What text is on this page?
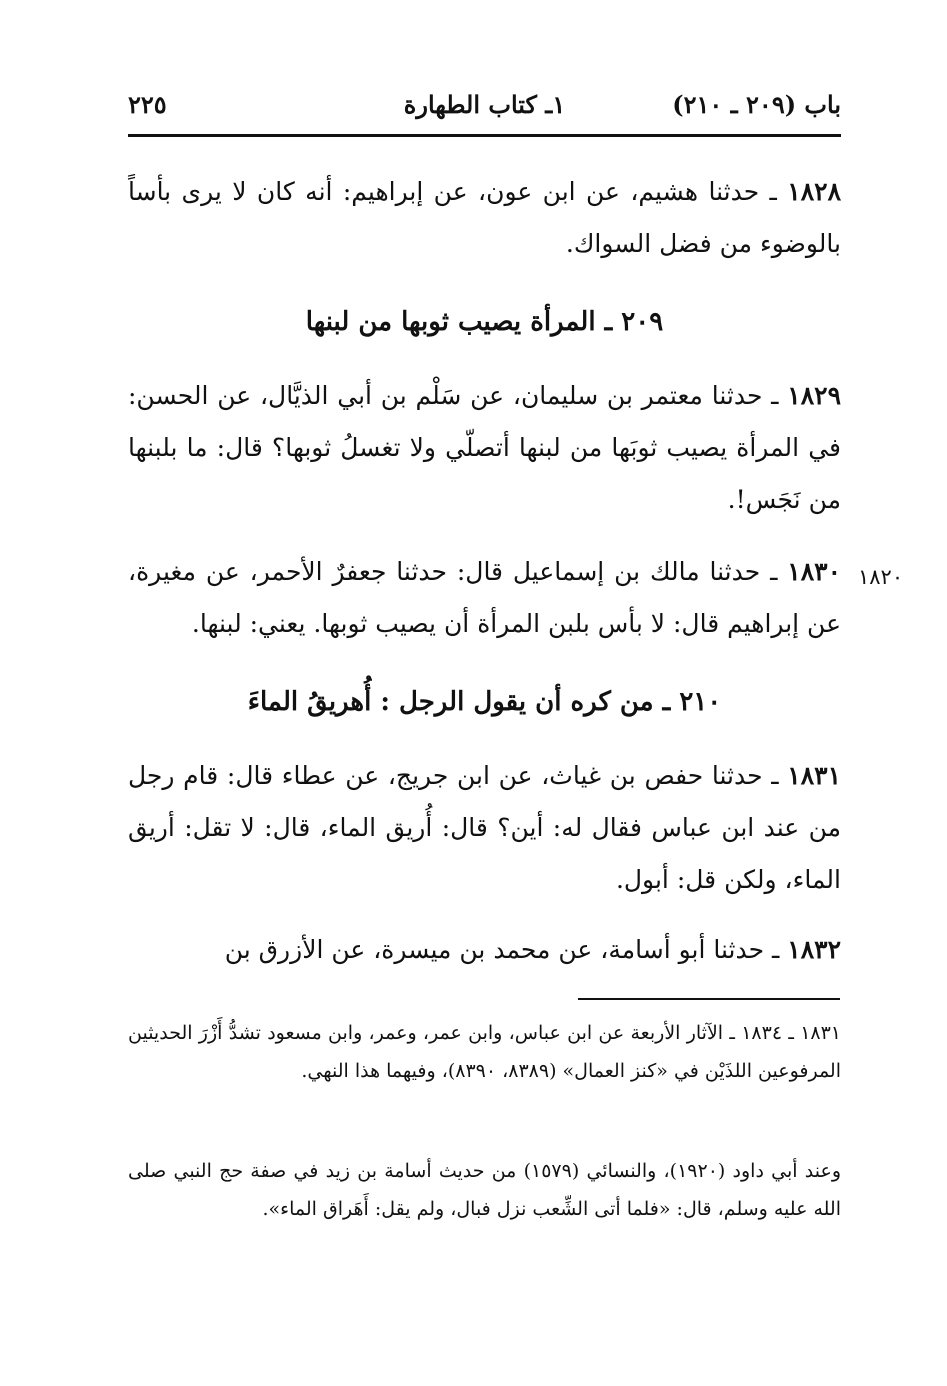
باب (٢٠٩ ـ ٢١٠)
١ـ كتاب الطهارة
٢٢٥

١٨٢٨ ـ حدثنا هشيم، عن ابن عون، عن إبراهيم: أنه كان لا يرى بأساً بالوضوء من فضل السواك.

٢٠٩ ـ المرأة يصيب ثوبها من لبنها

١٨٢٩ ـ حدثنا معتمر بن سليمان، عن سَلْم بن أبي الذيَّال، عن الحسن: في المرأة يصيب ثوبَها من لبنها أتصلّي ولا تغسلُ ثوبها؟ قال: ما بلبنها من نَجَس!.

١٨٢٠

١٨٣٠ ـ حدثنا مالك بن إسماعيل قال: حدثنا جعفرٌ الأحمر، عن مغيرة، عن إبراهيم قال: لا بأس بلبن المرأة أن يصيب ثوبها. يعني: لبنها.

٢١٠ ـ من كره أن يقول الرجل : أُهريقُ الماءَ

١٨٣١ ـ حدثنا حفص بن غياث، عن ابن جريج، عن عطاء قال: قام رجل من عند ابن عباس فقال له: أين؟ قال: أُريق الماء، قال: لا تقل: أريق الماء، ولكن قل: أبول.

١٨٣٢ ـ حدثنا أبو أسامة، عن محمد بن ميسرة، عن الأزرق بن

١٨٣١ ـ ١٨٣٤ ـ الآثار الأربعة عن ابن عباس، وابن عمر، وعمر، وابن مسعود تشدُّ أَزْرَ الحديثين المرفوعين اللذَيْن في «كنز العمال» (٨٣٨٩، ٨٣٩٠)، وفيهما هذا النهي.

وعند أبي داود (١٩٢٠)، والنسائي (١٥٧٩) من حديث أسامة بن زيد في صفة حج النبي صلى الله عليه وسلم، قال: «فلما أتى الشِّعب نزل فبال، ولم يقل: أَهَراق الماء».
